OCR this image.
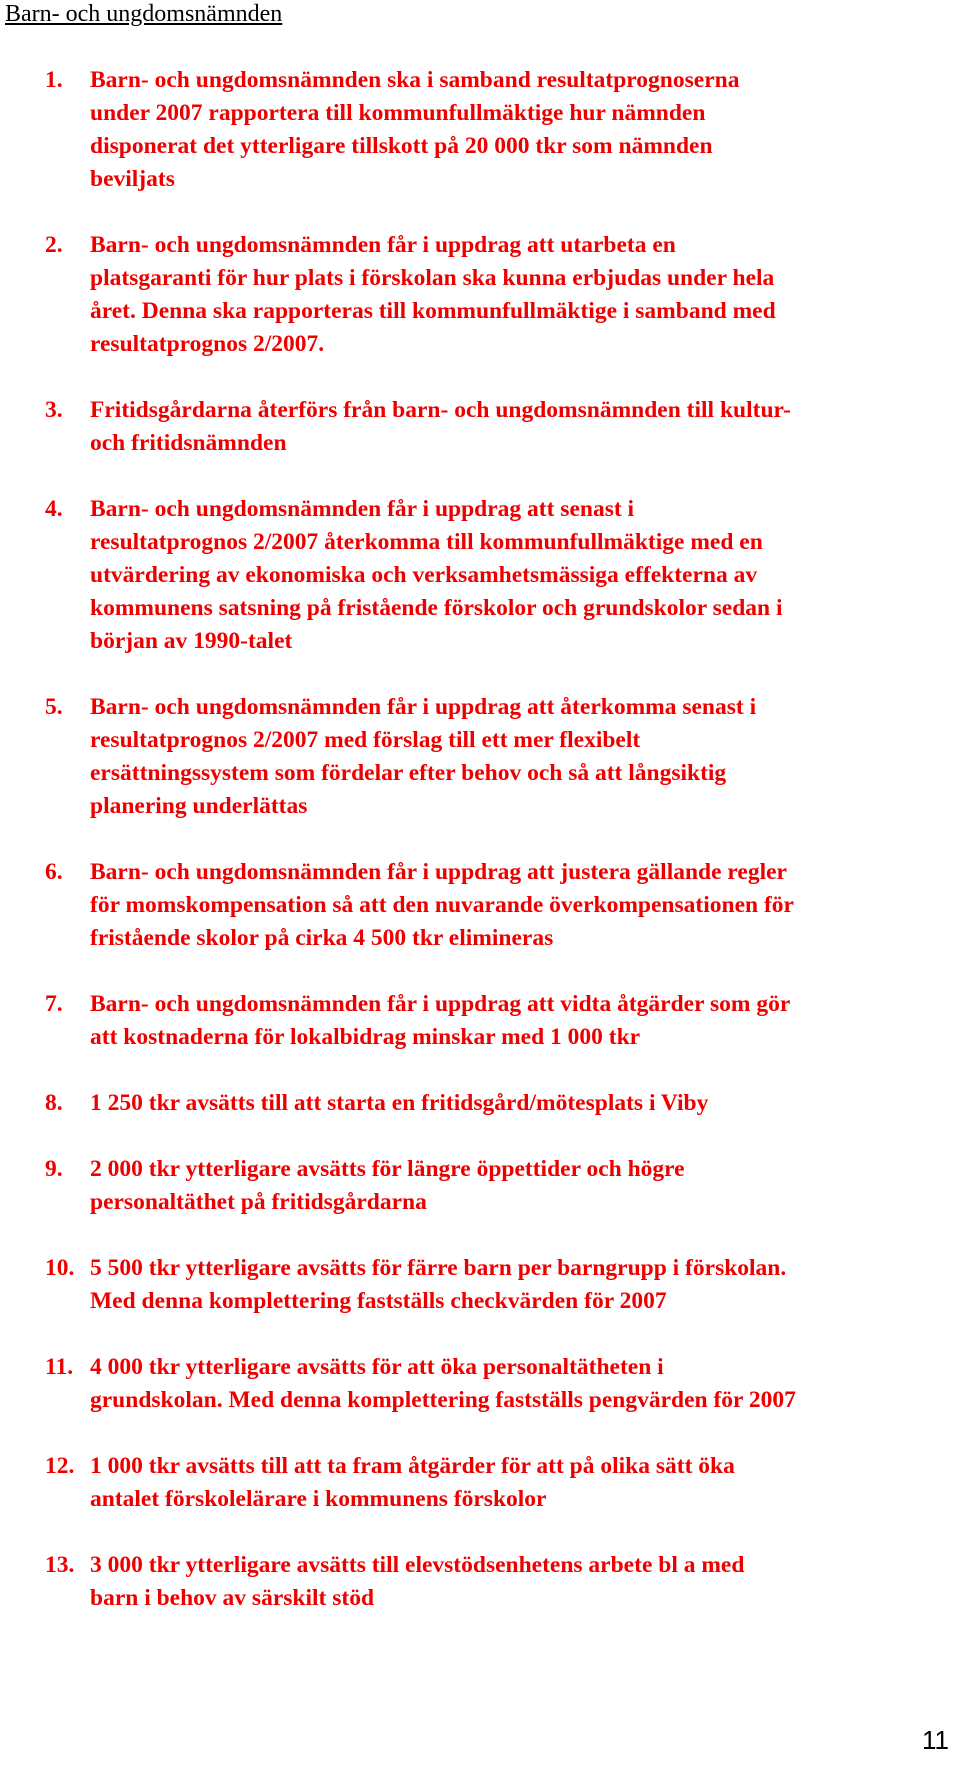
Barn- och ungdomsnämnden
1. Barn- och ungdomsnämnden ska i samband resultatprognoserna
under 2007 rapportera till kommunfullmäktige hur nämnden
disponerat det ytterligare tillskott på 20 000 tkr som nämnden
beviljats
2. Barn- och ungdomsnämnden får i uppdrag att utarbeta en
platsgaranti för hur plats i förskolan ska kunna erbjudas under hela
året. Denna ska rapporteras till kommunfullmäktige i samband med
resultatprognos 2/2007.
3. Fritidsgårdarna återförs från barn- och ungdomsnämnden till kultur-
och fritidsnämnden
4. Barn- och ungdomsnämnden får i uppdrag att senast i
resultatprognos 2/2007 återkomma till kommunfullmäktige med en
utvärdering av ekonomiska och verksamhetsmässiga effekterna av
kommunens satsning på fristående förskolor och grundskolor sedan i
början av 1990-talet
5. Barn- och ungdomsnämnden får i uppdrag att återkomma senast i
resultatprognos 2/2007 med förslag till ett mer flexibelt
ersättningssystem som fördelar efter behov och så att långsiktig
planering underlättas
6. Barn- och ungdomsnämnden får i uppdrag att justera gällande regler
för momskompensation så att den nuvarande överkompensationen för
fristående skolor på cirka 4 500 tkr elimineras
7. Barn- och ungdomsnämnden får i uppdrag att vidta åtgärder som gör
att kostnaderna för lokalbidrag minskar med 1 000 tkr
8. 1 250 tkr avsätts till att starta en fritidsgård/mötesplats i Viby
9. 2 000 tkr ytterligare avsätts för längre öppettider och högre
personaltäthet på fritidsgårdarna
10. 5 500 tkr ytterligare avsätts för färre barn per barngrupp i förskolan.
Med denna komplettering fastställs checkvärden för 2007
11. 4 000 tkr ytterligare avsätts för att öka personaltätheten i
grundskolan. Med denna komplettering fastställs pengvärden för 2007
12. 1 000 tkr avsätts till att ta fram åtgärder för att på olika sätt öka
antalet förskolelärare i kommunens förskolor
13. 3 000 tkr ytterligare avsätts till elevstödsenhetens arbete bl a med
barn i behov av särskilt stöd
11
